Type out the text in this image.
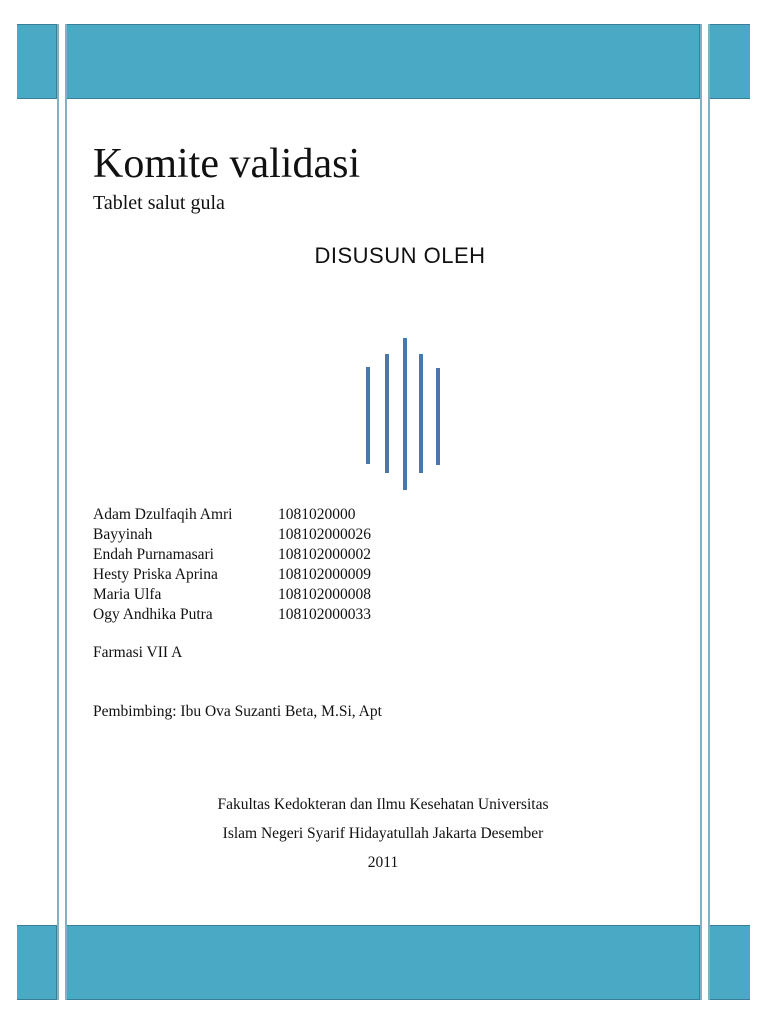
Komite validasi
Tablet salut gula
DISUSUN OLEH
Adam Dzulfaqih Amri	1081020000
Bayyinah	108102000026
Endah Purnamasari	108102000002
Hesty Priska Aprina	108102000009
Maria Ulfa	108102000008
Ogy Andhika Putra	108102000033
Farmasi VII A
Pembimbing: Ibu Ova Suzanti Beta, M.Si, Apt
Fakultas Kedokteran dan Ilmu Kesehatan Universitas
Islam Negeri Syarif Hidayatullah Jakarta Desember
2011
